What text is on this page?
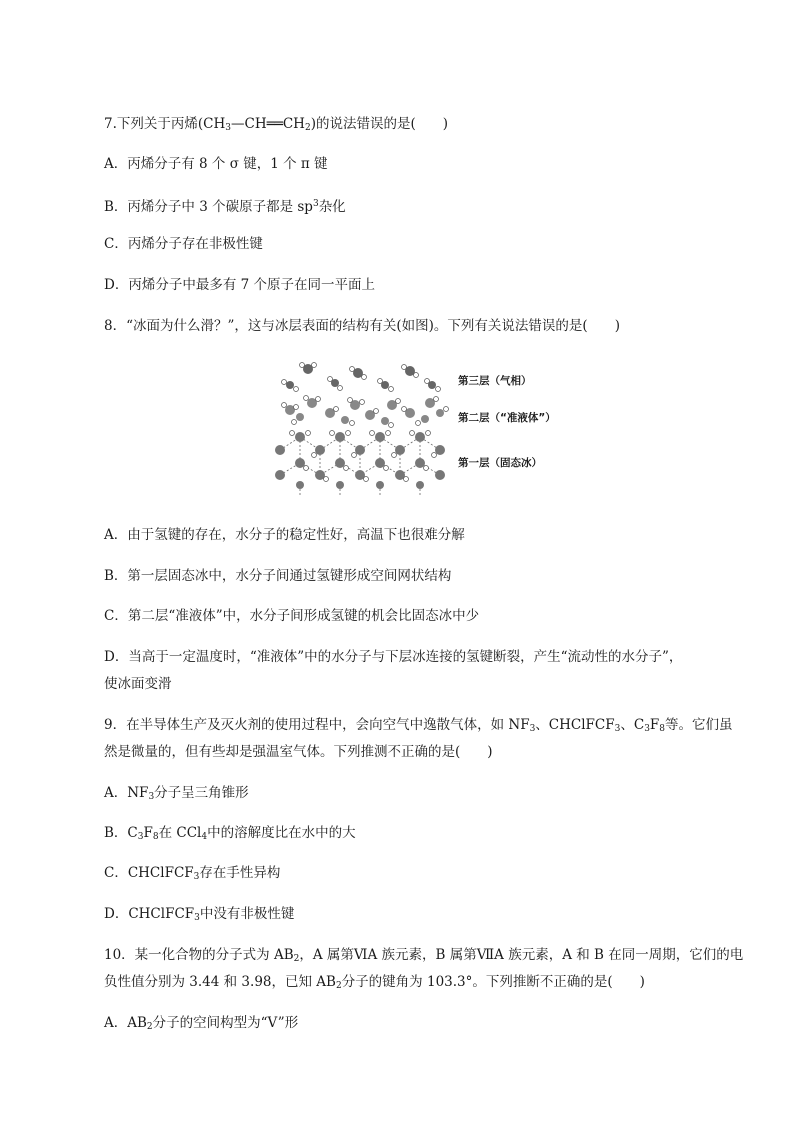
7.下列关于丙烯$(CH_3—CH══CH_2)$的说法错误的是(　　)

A．丙烯分子有 8 个 σ 键，1 个 π 键

B．丙烯分子中 3 个碳原子都是 $sp^3$杂化

C．丙烯分子存在非极性键

D．丙烯分子中最多有 7 个原子在同一平面上

8．“冰面为什么滑？”，这与冰层表面的结构有关(如图)。下列有关说法错误的是(　　)

第三层（气相）
第二层（“准液体”）
第一层（固态冰）

A．由于氢键的存在，水分子的稳定性好，高温下也很难分解

B．第一层固态冰中，水分子间通过氢键形成空间网状结构

C．第二层“准液体”中，水分子间形成氢键的机会比固态冰中少

D．当高于一定温度时，“准液体”中的水分子与下层冰连接的氢键断裂，产生“流动性的水分子”，

使冰面变滑

9．在半导体生产及灭火剂的使用过程中，会向空气中逸散气体，如 $NF_3$、CHClFCF$_3$、$C_3F_8$等。它们虽

然是微量的，但有些却是强温室气体。下列推测不正确的是(　　)

A．$NF_3$分子呈三角锥形

B．$C_3F_8$在 CCl$_4$中的溶解度比在水中的大

C．CHClFCF$_3$存在手性异构

D．CHClFCF$_3$中没有非极性键

10．某一化合物的分子式为 $AB_2$，A 属第ⅥA 族元素，B 属第ⅦA 族元素，A 和 B 在同一周期，它们的电

负性值分别为 3.44 和 3.98，已知 $AB_2$分子的键角为 103.3°。下列推断不正确的是(　　)

A．$AB_2$分子的空间构型为“V”形
